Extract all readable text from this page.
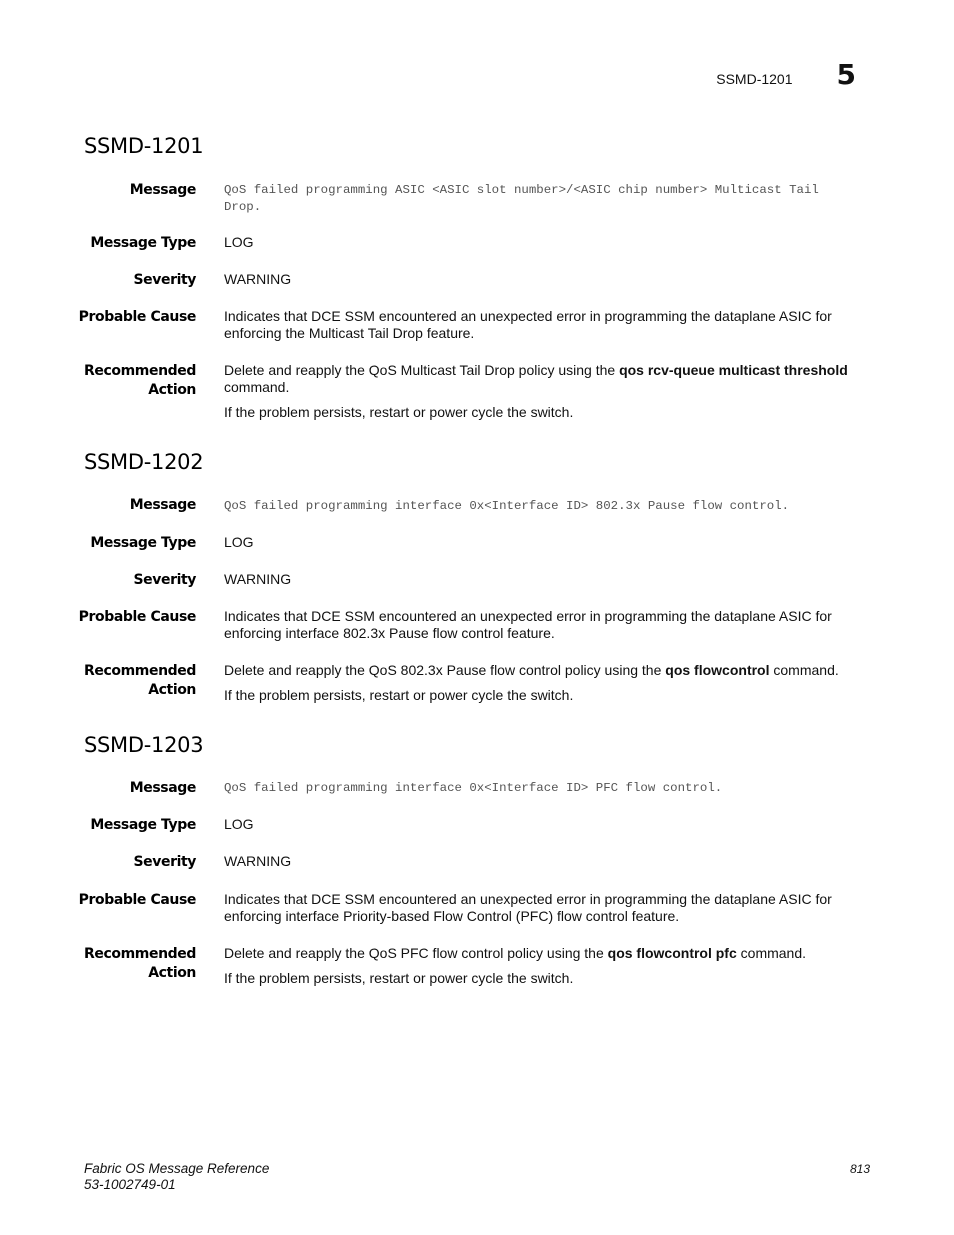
SSMD-1201 5
SSMD-1201
Message QoS failed programming ASIC <ASIC slot number>/<ASIC chip number> Multicast Tail
Drop.
Message Type LOG
Severity WARNING
Probable Cause Indicates that DCE SSM encountered an unexpected error in programming the dataplane ASIC for
enforcing the Multicast Tail Drop feature.
Recommended
Action
Delete and reapply the QoS Multicast Tail Drop policy using the qos rcv-queue multicast threshold
command.
If the problem persists, restart or power cycle the switch.
SSMD-1202
Message QoS failed programming interface 0x<Interface ID> 802.3x Pause flow control.
Message Type LOG
Severity WARNING
Probable Cause Indicates that DCE SSM encountered an unexpected error in programming the dataplane ASIC for
enforcing interface 802.3x Pause flow control feature.
Recommended
Action
Delete and reapply the QoS 802.3x Pause flow control policy using the qos flowcontrol command.
If the problem persists, restart or power cycle the switch.
SSMD-1203
Message QoS failed programming interface 0x<Interface ID> PFC flow control.
Message Type LOG
Severity WARNING
Probable Cause Indicates that DCE SSM encountered an unexpected error in programming the dataplane ASIC for
enforcing interface Priority-based Flow Control (PFC) flow control feature.
Recommended
Action
Delete and reapply the QoS PFC flow control policy using the qos flowcontrol pfc command.
If the problem persists, restart or power cycle the switch.
Fabric OS Message Reference
53-1002749-01
813
